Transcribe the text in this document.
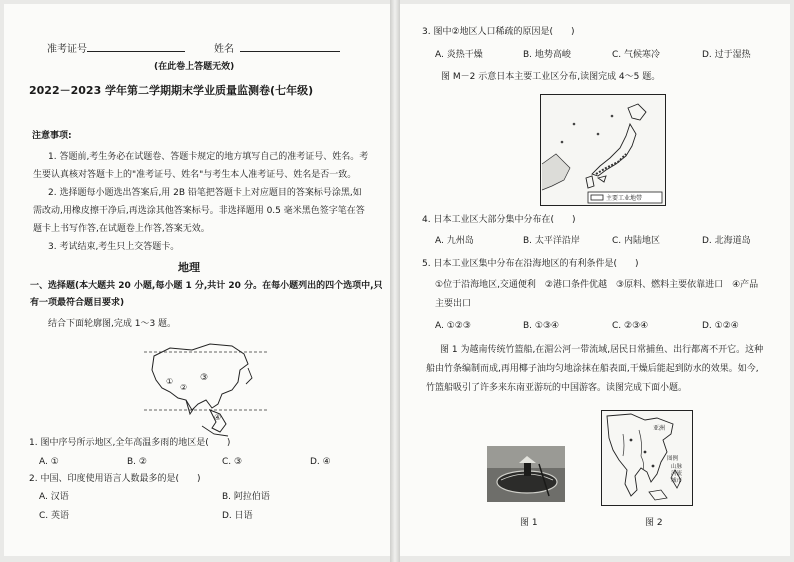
准考证号	姓名
(在此卷上答题无效)
2022－2023 学年第二学期期末学业质量监测卷(七年级)
注意事项:
1. 答题前,考生务必在试题卷、答题卡规定的地方填写自己的准考证号、姓名。考
生要认真核对答题卡上的"准考证号、姓名"与考生本人准考证号、姓名是否一致。
2. 选择题每小题选出答案后,用 2B 铅笔把答题卡上对应题目的答案标号涂黑,如
需改动,用橡皮擦干净后,再选涂其他答案标号。非选择题用 0.5 毫米黑色签字笔在答
题卡上书写作答,在试题卷上作答,答案无效。
3. 考试结束,考生只上交答题卡。
地理
一、选择题(本大题共 20 小题,每小题 1 分,共计 20 分。在每小题列出的四个选项中,只
有一项最符合题目要求)
结合下面轮廓图,完成 1～3 题。
③
①
②
④
1. 图中序号所示地区,全年高温多雨的地区是(　　)
A. ①	B. ②	C. ③	D. ④
2. 中国、印度使用语言人数最多的是(　　)
A. 汉语	B. 阿拉伯语
C. 英语	D. 日语
3. 图中②地区人口稀疏的原因是(　　)
A. 炎热干燥	B. 地势高峻	C. 气候寒冷	D. 过于湿热
图 M－2 示意日本主要工业区分布,读图完成 4～5 题。
主要工业地带
4. 日本工业区大部分集中分布在(　　)
A. 九州岛	B. 太平洋沿岸	C. 内陆地区	D. 北海道岛
5. 日本工业区集中分布在沿海地区的有利条件是(　　)
①位于沿海地区,交通便利　②港口条件优越　③原料、燃料主要依靠进口　④产品
主要出口
A. ①②③	B. ①③④	C. ②③④	D. ①②④
图 1 为越南传统竹篮船,在湄公河一带流域,居民日常捕鱼、出行都离不开它。这种
船由竹条编制而成,再用椰子油均匀地涂抹在船表面,干燥后能起到防水的效果。如今,
竹篮船吸引了许多来东南亚游玩的中国游客。读图完成下面小题。
图 1
亚洲
图例
山脉
河流
城市
图 2
